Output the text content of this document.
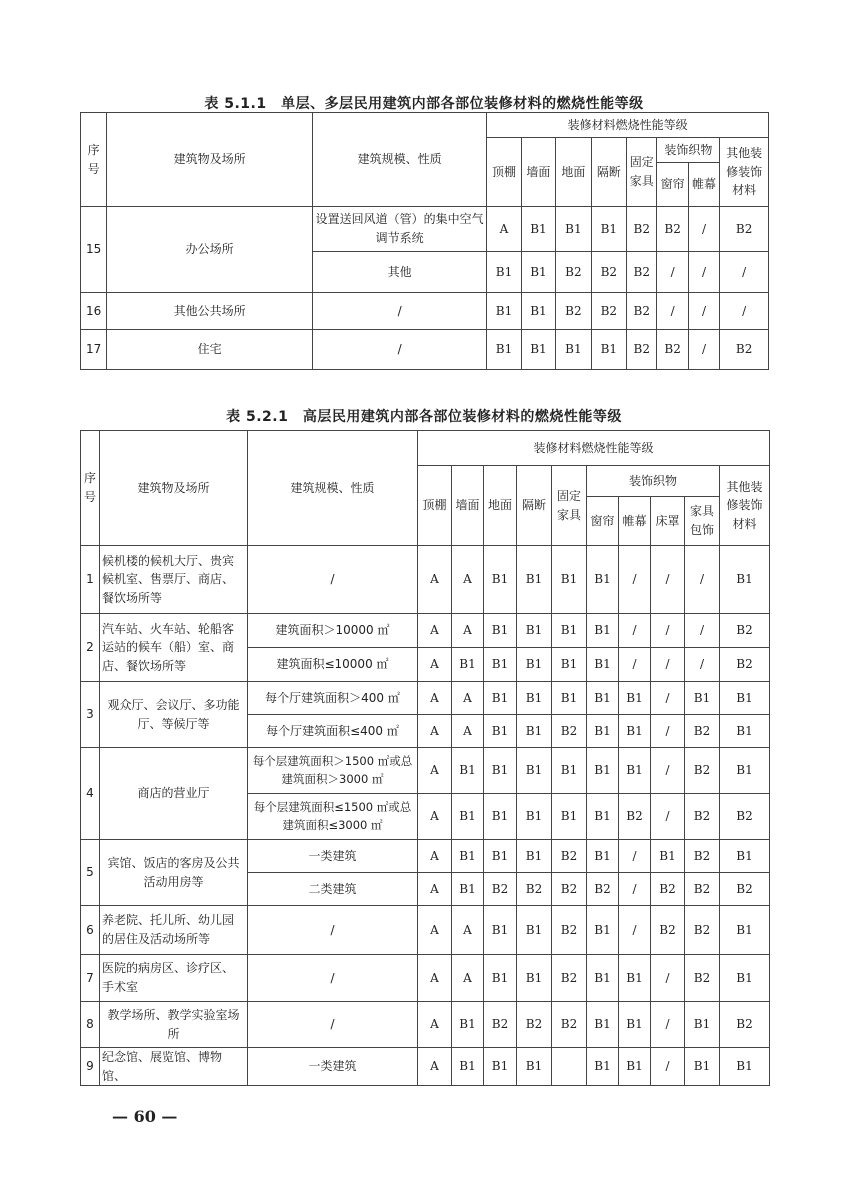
表 5.1.1　单层、多层民用建筑内部各部位装修材料的燃烧性能等级
序号	建筑物及场所	建筑规模、性质	装修材料燃烧性能等级							
			顶棚	墙面	地面	隔断	固定家具	装饰织物		其他装修装饰材料
								窗帘	帷幕	
15	办公场所	设置送回风道（管）的集中空气调节系统	A	B1	B1	B1	B2	B2	/	B2
		其他	B1	B1	B2	B2	B2	/	/	/
16	其他公共场所	/	B1	B1	B2	B2	B2	/	/	/
17	住宅	/	B1	B1	B1	B1	B2	B2	/	B2
表 5.2.1　高层民用建筑内部各部位装修材料的燃烧性能等级
序号	建筑物及场所	建筑规模、性质	装修材料燃烧性能等级									
			顶棚	墙面	地面	隔断	固定家具	装饰织物				其他装修装饰材料
								窗帘	帷幕	床罩	家具包饰	
1	候机楼的候机大厅、贵宾候机室、售票厅、商店、餐饮场所等	/	A	A	B1	B1	B1	B1	/	/	/	B1
2	汽车站、火车站、轮船客运站的候车（船）室、商店、餐饮场所等	建筑面积＞10000 ㎡	A	A	B1	B1	B1	B1	/	/	/	B2
		建筑面积≤10000 ㎡	A	B1	B1	B1	B1	B1	/	/	/	B2
3	观众厅、会议厅、多功能厅、等候厅等	每个厅建筑面积＞400 ㎡	A	A	B1	B1	B1	B1	B1	/	B1	B1
		每个厅建筑面积≤400 ㎡	A	A	B1	B1	B2	B1	B1	/	B2	B1
4	商店的营业厅	每个层建筑面积＞1500 ㎡或总建筑面积＞3000 ㎡	A	B1	B1	B1	B1	B1	B1	/	B2	B1
		每个层建筑面积≤1500 ㎡或总建筑面积≤3000 ㎡	A	B1	B1	B1	B1	B1	B2	/	B2	B2
5	宾馆、饭店的客房及公共活动用房等	一类建筑	A	B1	B1	B1	B2	B1	/	B1	B2	B1
		二类建筑	A	B1	B2	B2	B2	B2	/	B2	B2	B2
6	养老院、托儿所、幼儿园的居住及活动场所等	/	A	A	B1	B1	B2	B1	/	B2	B2	B1
7	医院的病房区、诊疗区、手术室	/	A	A	B1	B1	B2	B1	B1	/	B2	B1
8	教学场所、教学实验室场所	/	A	B1	B2	B2	B2	B1	B1	/	B1	B2
9	纪念馆、展览馆、博物馆、	一类建筑	A	B1	B1	B1		B1	B1	/	B1	B1
— 60 —
